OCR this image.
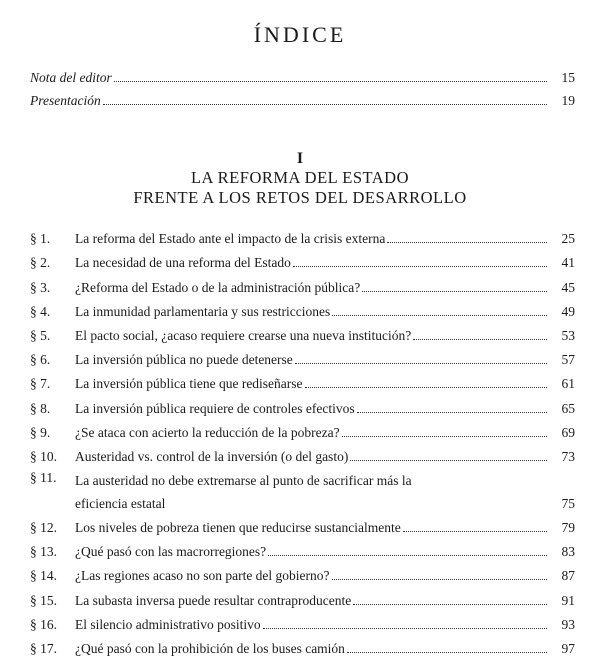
ÍNDICE
Nota del editor	15
Presentación	19
I
LA REFORMA DEL ESTADO
FRENTE A LOS RETOS DEL DESARROLLO
§ 1.	La reforma del Estado ante el impacto de la crisis externa	25
§ 2.	La necesidad de una reforma del Estado	41
§ 3.	¿Reforma del Estado o de la administración pública?	45
§ 4.	La inmunidad parlamentaria y sus restricciones	49
§ 5.	El pacto social, ¿acaso requiere crearse una nueva institución?	53
§ 6.	La inversión pública no puede detenerse	57
§ 7.	La inversión pública tiene que rediseñarse	61
§ 8.	La inversión pública requiere de controles efectivos	65
§ 9.	¿Se ataca con acierto la reducción de la pobreza?	69
§ 10.	Austeridad vs. control de la inversión (o del gasto)	73
§ 11.	La austeridad no debe extremarse al punto de sacrificar más la
eficiencia estatal	75
§ 12.	Los niveles de pobreza tienen que reducirse sustancialmente	79
§ 13.	¿Qué pasó con las macrorregiones?	83
§ 14.	¿Las regiones acaso no son parte del gobierno?	87
§ 15.	La subasta inversa puede resultar contraproducente	91
§ 16.	El silencio administrativo positivo	93
§ 17.	¿Qué pasó con la prohibición de los buses camión	97
